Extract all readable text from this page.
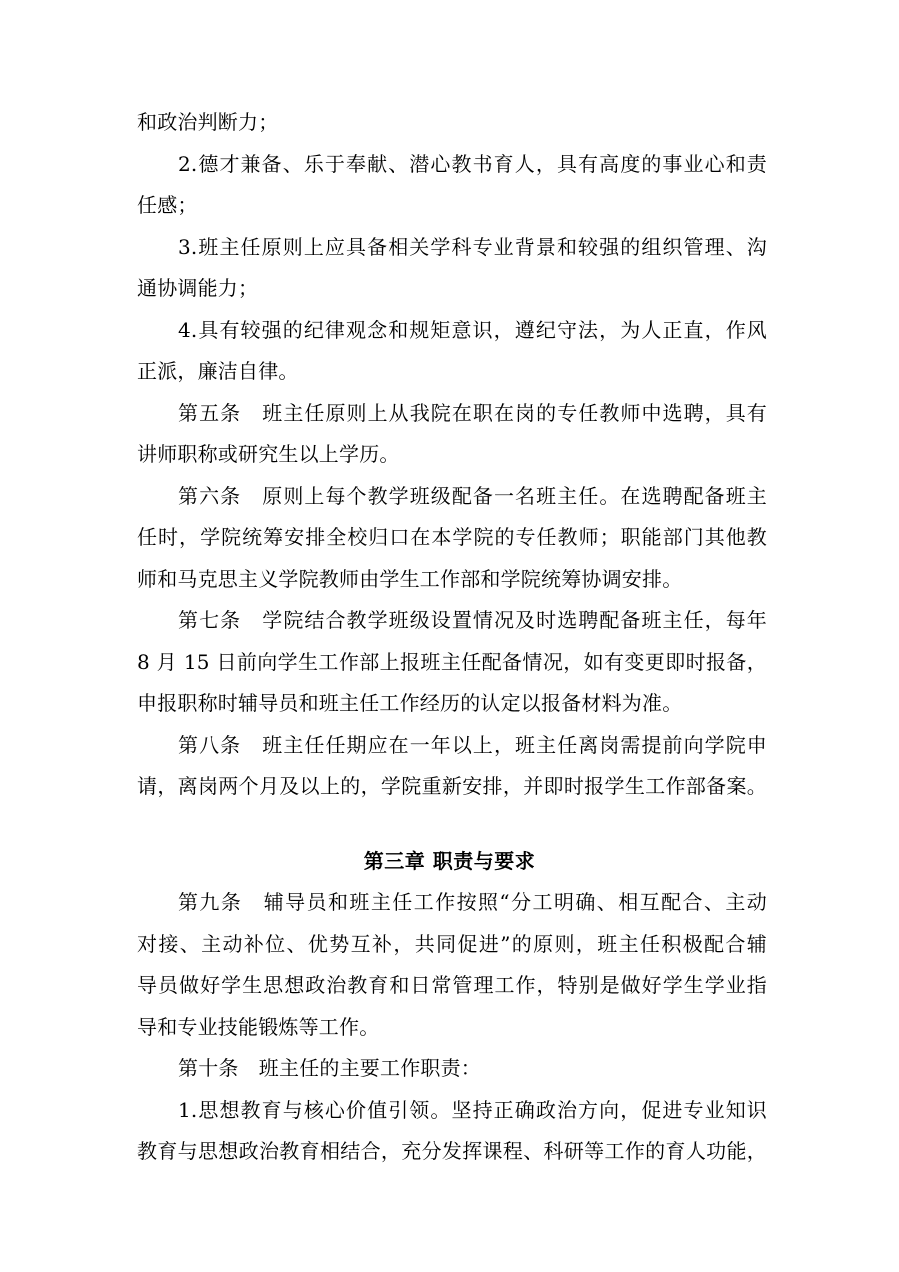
和政治判断力；
2.德才兼备、乐于奉献、潜心教书育人，具有高度的事业心和责
任感；
3.班主任原则上应具备相关学科专业背景和较强的组织管理、沟
通协调能力；
4.具有较强的纪律观念和规矩意识，遵纪守法，为人正直，作风
正派，廉洁自律。
第五条　班主任原则上从我院在职在岗的专任教师中选聘，具有
讲师职称或研究生以上学历。
第六条　原则上每个教学班级配备一名班主任。在选聘配备班主
任时，学院统筹安排全校归口在本学院的专任教师；职能部门其他教
师和马克思主义学院教师由学生工作部和学院统筹协调安排。
第七条　学院结合教学班级设置情况及时选聘配备班主任，每年
8 月 15 日前向学生工作部上报班主任配备情况，如有变更即时报备，
申报职称时辅导员和班主任工作经历的认定以报备材料为准。
第八条　班主任任期应在一年以上，班主任离岗需提前向学院申
请，离岗两个月及以上的，学院重新安排，并即时报学生工作部备案。
第三章 职责与要求
第九条　辅导员和班主任工作按照“分工明确、相互配合、主动
对接、主动补位、优势互补，共同促进”的原则，班主任积极配合辅
导员做好学生思想政治教育和日常管理工作，特别是做好学生学业指
导和专业技能锻炼等工作。
第十条　班主任的主要工作职责：
1.思想教育与核心价值引领。坚持正确政治方向，促进专业知识
教育与思想政治教育相结合，充分发挥课程、科研等工作的育人功能，
